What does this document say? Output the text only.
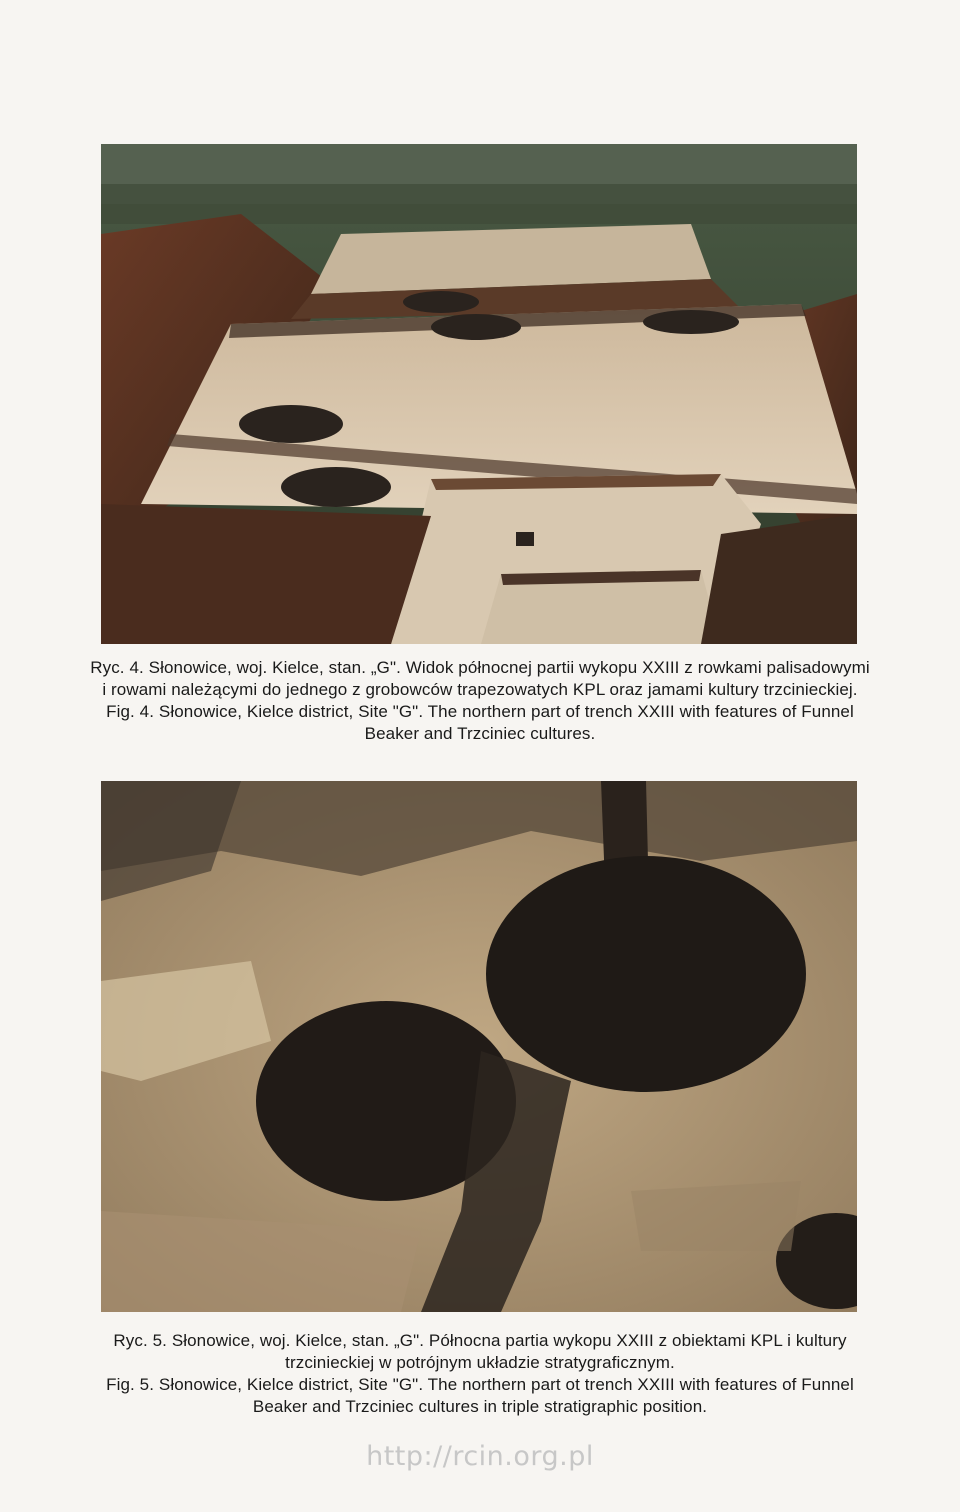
Ryc. 4. Słonowice, woj. Kielce, stan. „G". Widok północnej partii wykopu XXIII z rowkami palisadowymi
i rowami należącymi do jednego z grobowców trapezowatych KPL oraz jamami kultury trzcinieckiej.

Fig. 4. Słonowice, Kielce district, Site "G". The northern part of trench XXIII with features of Funnel
Beaker and Trzciniec cultures.

Ryc. 5. Słonowice, woj. Kielce, stan. „G". Północna partia wykopu XXIII z obiektami KPL i kultury
trzcinieckiej w potrójnym układzie stratygraficznym.

Fig. 5. Słonowice, Kielce district, Site "G". The northern part ot trench XXIII with features of Funnel
Beaker and Trzciniec cultures in triple stratigraphic position.

http://rcin.org.pl
